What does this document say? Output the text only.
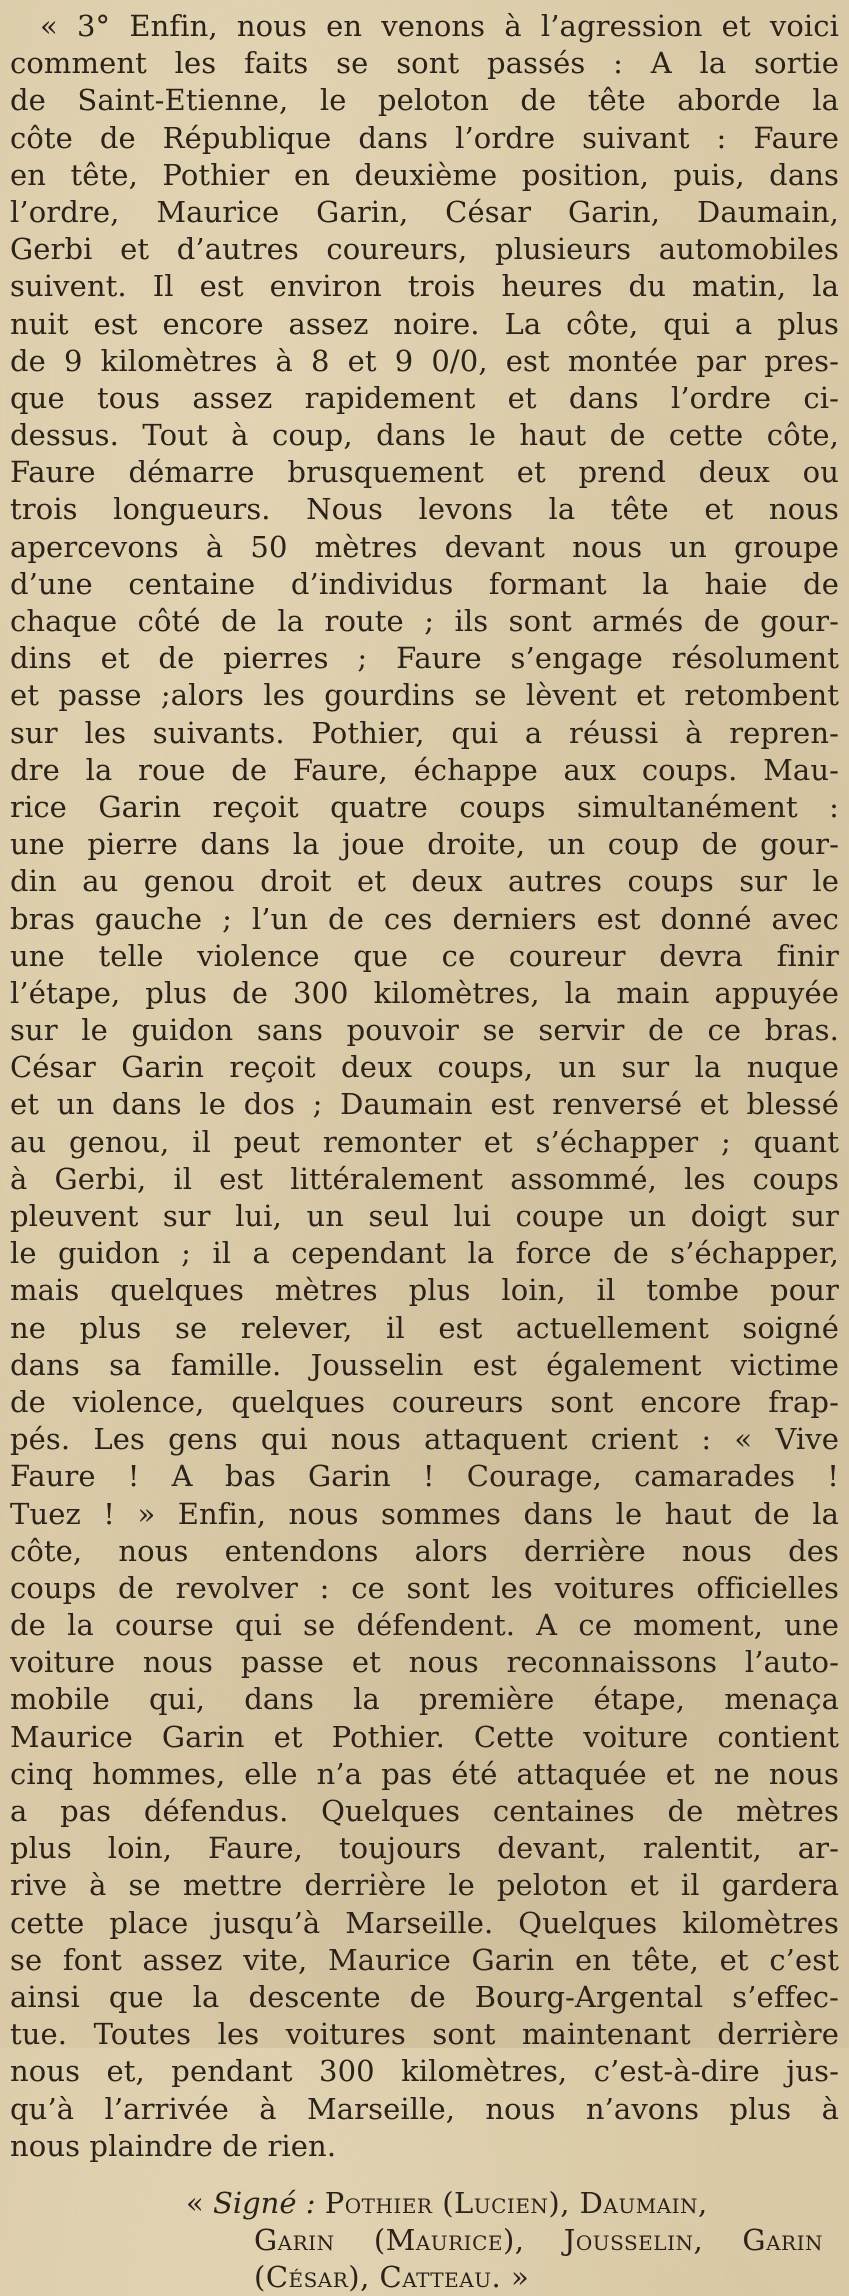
« 3° Enfin, nous en venons à l’agression et voici
comment les faits se sont passés : A la sortie
de Saint-Etienne, le peloton de tête aborde la
côte de République dans l’ordre suivant : Faure
en tête, Pothier en deuxième position, puis, dans
l’ordre, Maurice Garin, César Garin, Daumain,
Gerbi et d’autres coureurs, plusieurs automobiles
suivent. Il est environ trois heures du matin, la
nuit est encore assez noire. La côte, qui a plus
de 9 kilomètres à 8 et 9 0/0, est montée par pres-
que tous assez rapidement et dans l’ordre ci-
dessus. Tout à coup, dans le haut de cette côte,
Faure démarre brusquement et prend deux ou
trois longueurs. Nous levons la tête et nous
apercevons à 50 mètres devant nous un groupe
d’une centaine d’individus formant la haie de
chaque côté de la route ; ils sont armés de gour-
dins et de pierres ; Faure s’engage résolument
et passe ;alors les gourdins se lèvent et retombent
sur les suivants. Pothier, qui a réussi à repren-
dre la roue de Faure, échappe aux coups. Mau-
rice Garin reçoit quatre coups simultanément :
une pierre dans la joue droite, un coup de gour-
din au genou droit et deux autres coups sur le
bras gauche ; l’un de ces derniers est donné avec
une telle violence que ce coureur devra finir
l’étape, plus de 300 kilomètres, la main appuyée
sur le guidon sans pouvoir se servir de ce bras.
César Garin reçoit deux coups, un sur la nuque
et un dans le dos ; Daumain est renversé et blessé
au genou, il peut remonter et s’échapper ; quant
à Gerbi, il est littéralement assommé, les coups
pleuvent sur lui, un seul lui coupe un doigt sur
le guidon ; il a cependant la force de s’échapper,
mais quelques mètres plus loin, il tombe pour
ne plus se relever, il est actuellement soigné
dans sa famille. Jousselin est également victime
de violence, quelques coureurs sont encore frap-
pés. Les gens qui nous attaquent crient : « Vive
Faure ! A bas Garin ! Courage, camarades !
Tuez ! » Enfin, nous sommes dans le haut de la
côte, nous entendons alors derrière nous des
coups de revolver : ce sont les voitures officielles
de la course qui se défendent. A ce moment, une
voiture nous passe et nous reconnaissons l’auto-
mobile qui, dans la première étape, menaça
Maurice Garin et Pothier. Cette voiture contient
cinq hommes, elle n’a pas été attaquée et ne nous
a pas défendus. Quelques centaines de mètres
plus loin, Faure, toujours devant, ralentit, ar-
rive à se mettre derrière le peloton et il gardera
cette place jusqu’à Marseille. Quelques kilomètres
se font assez vite, Maurice Garin en tête, et c’est
ainsi que la descente de Bourg-Argental s’effec-
tue. Toutes les voitures sont maintenant derrière
nous et, pendant 300 kilomètres, c’est-à-dire jus-
qu’à l’arrivée à Marseille, nous n’avons plus à
nous plaindre de rien.
« Signé : Pothier (Lucien), Daumain,
Garin (Maurice), Jousselin, Garin
(César), Catteau. »
